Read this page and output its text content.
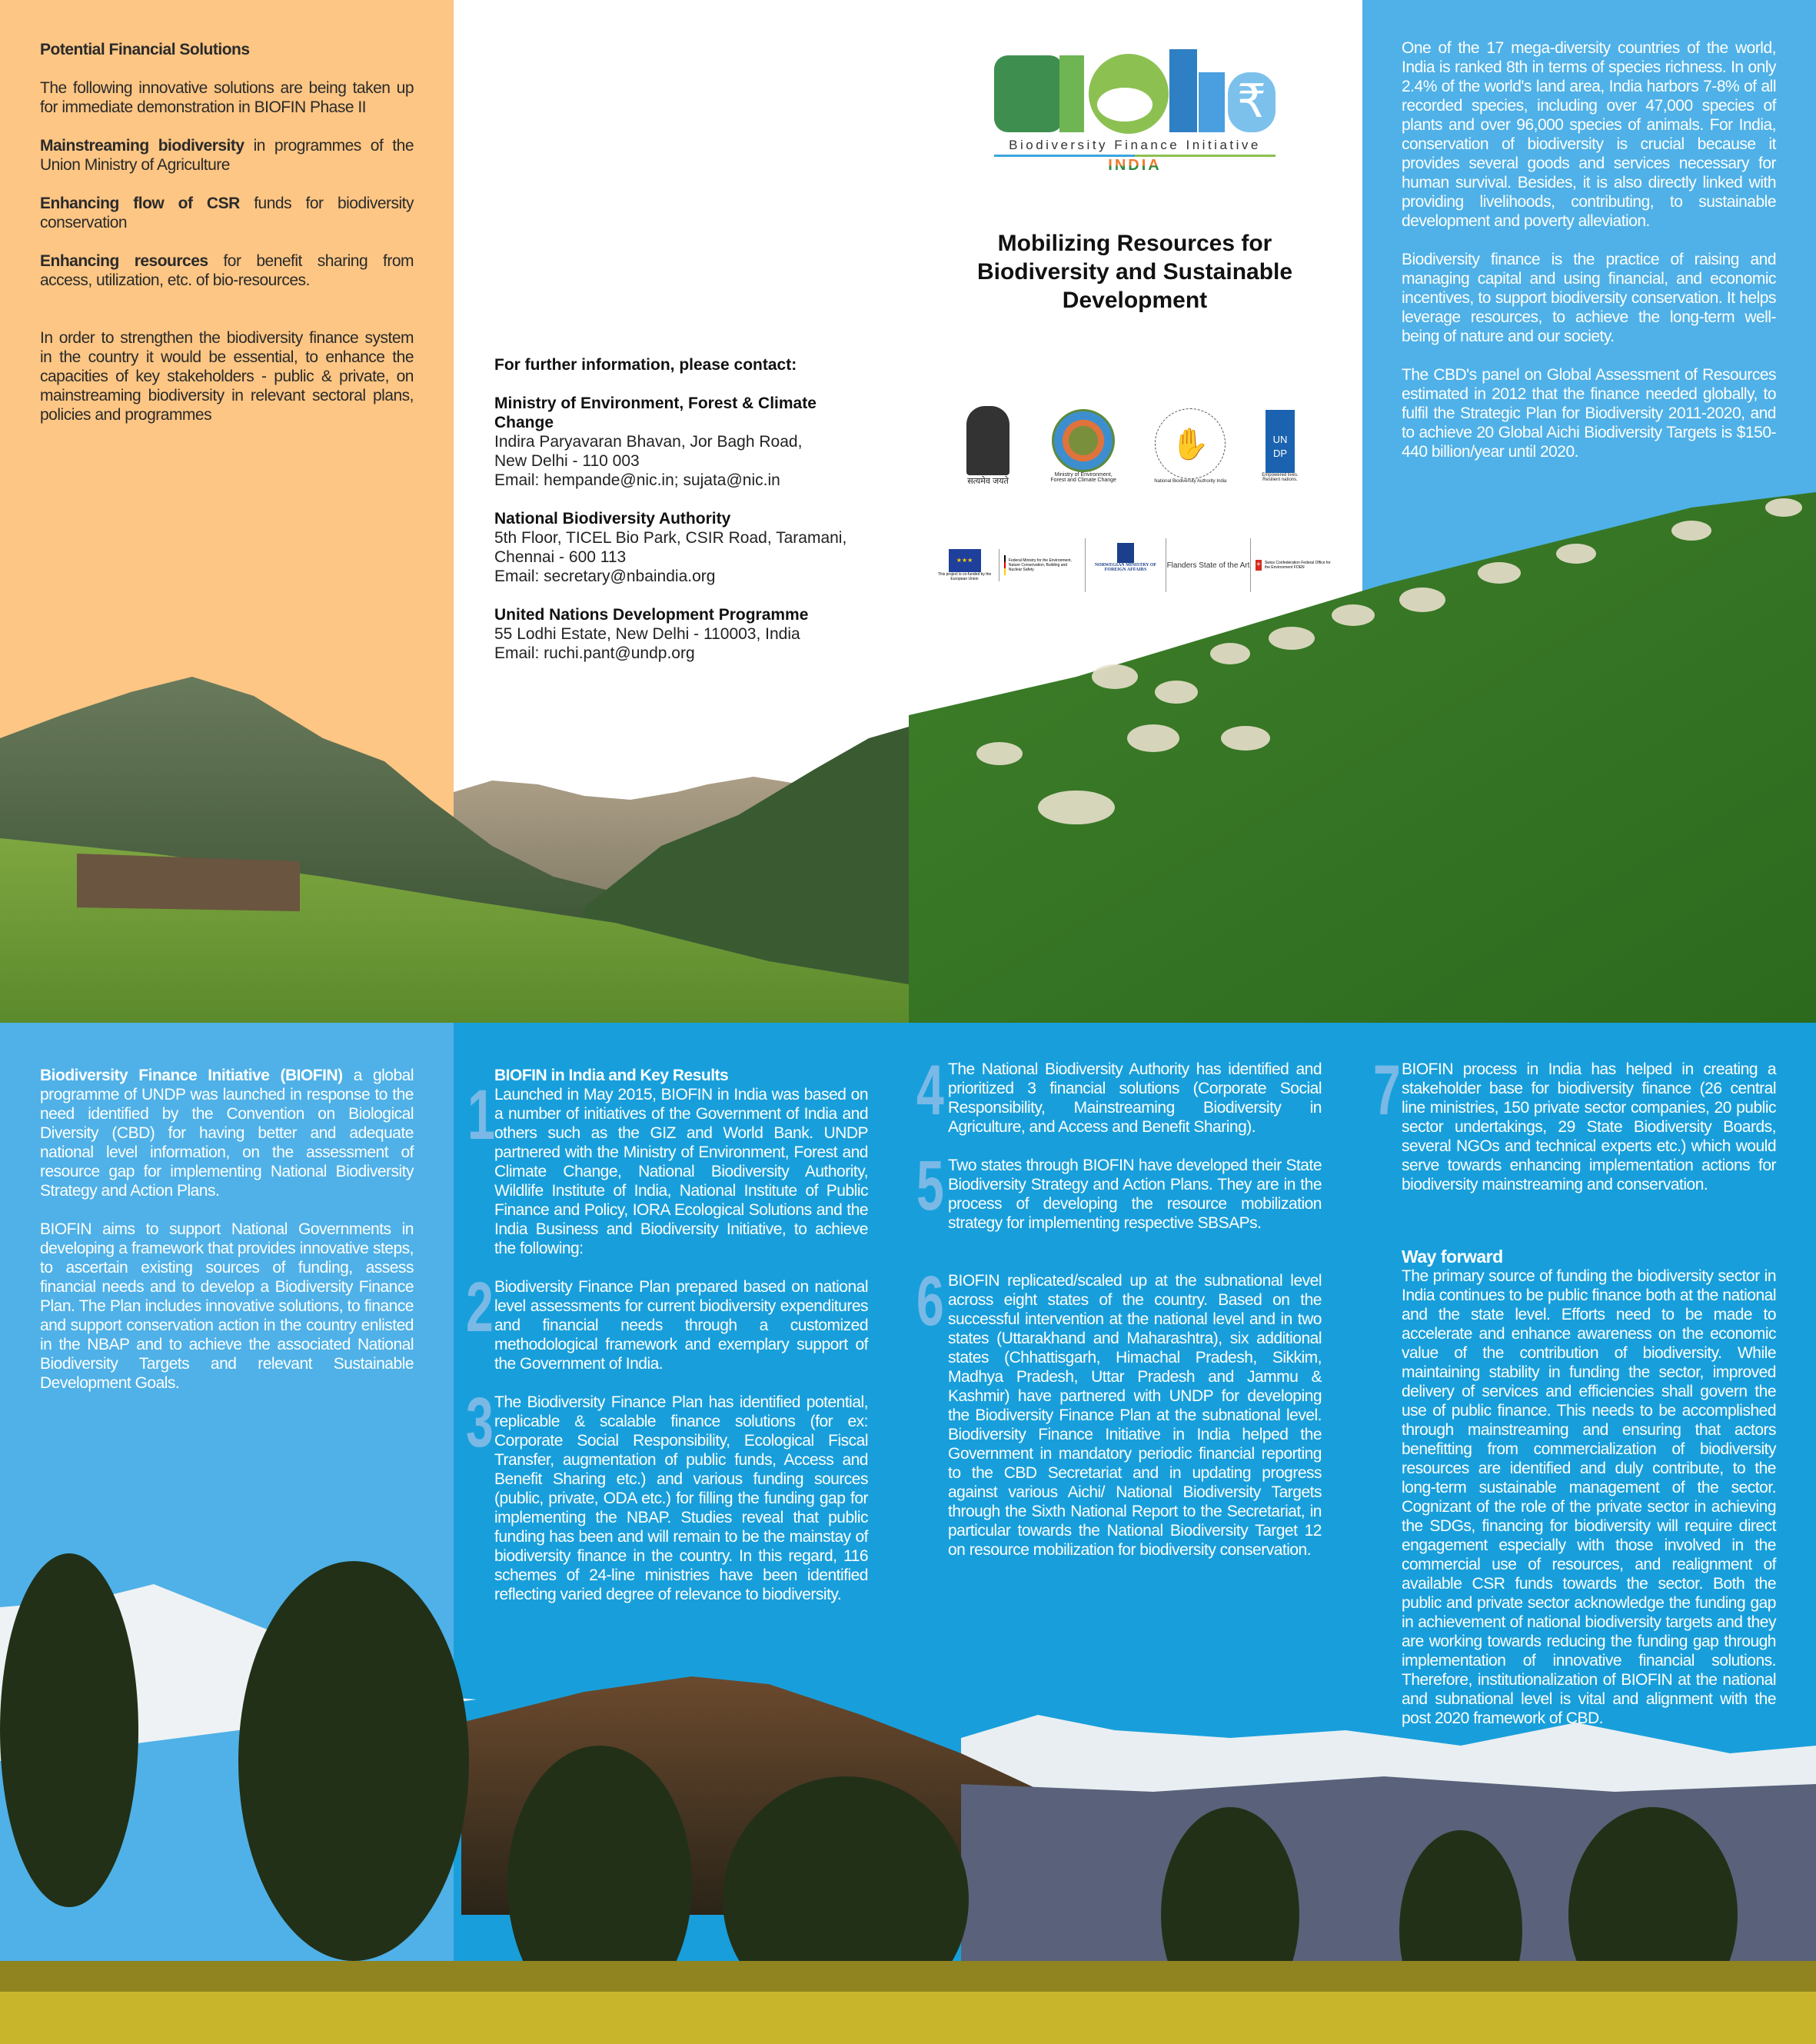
Potential Financial Solutions

The following innovative solutions are being taken up for immediate demonstration in BIOFIN Phase II

Mainstreaming biodiversity in programmes of the Union Ministry of Agriculture

Enhancing flow of CSR funds for biodiversity conservation

Enhancing resources for benefit sharing from access, utilization, etc. of bio-resources.

In order to strengthen the biodiversity finance system in the country it would be essential, to enhance the capacities of key stakeholders - public & private, on mainstreaming biodiversity in relevant sectoral plans, policies and programmes

For further information, please contact:
Ministry of Environment, Forest & Climate Change
Indira Paryavaran Bhavan, Jor Bagh Road,
New Delhi - 110 003
Email: hempande@nic.in; sujata@nic.in
National Biodiversity Authority
5th Floor, TICEL Bio Park, CSIR Road, Taramani,
Chennai - 600 113
Email: secretary@nbaindia.org
United Nations Development Programme
55 Lodhi Estate, New Delhi - 110003, India
Email: ruchi.pant@undp.org
₹
Biodiversity Finance Initiative
INDIA
Mobilizing Resources for Biodiversity and Sustainable Development
सत्यमेव जयते
Ministry of Environment, Forest and Climate Change
✋
National Biodiversity Authority India
UN
DP
Empowered lives. Resilient nations.
★★★
This project is co-funded by the European Union
Federal Ministry for the Environment, Nature Conservation, Building and Nuclear Safety
NORWEGIAN MINISTRY OF FOREIGN AFFAIRS
Flanders State of the Art + Swiss Confederation Federal Office for the Environment FOEN

One of the 17 mega-diversity countries of the world, India is ranked 8th in terms of species richness. In only 2.4% of the world's land area, India harbors 7-8% of all recorded species, including over 47,000 species of plants and over 96,000 species of animals. For India, conservation of biodiversity is crucial because it provides several goods and services necessary for human survival. Besides, it is also directly linked with providing livelihoods, contributing, to sustainable development and poverty alleviation.

Biodiversity finance is the practice of raising and managing capital and using financial, and economic incentives, to support biodiversity conservation. It helps leverage resources, to achieve the long-term well-being of nature and our society.

The CBD's panel on Global Assessment of Resources estimated in 2012 that the finance needed globally, to fulfil the Strategic Plan for Biodiversity 2011-2020, and to achieve 20 Global Aichi Biodiversity Targets is $150-440 billion/year until 2020.

Biodiversity Finance Initiative (BIOFIN) a global programme of UNDP was launched in response to the need identified by the Convention on Biological Diversity (CBD) for having better and adequate national level information, on the assessment of resource gap for implementing National Biodiversity Strategy and Action Plans.

BIOFIN aims to support National Governments in developing a framework that provides innovative steps, to ascertain existing sources of funding, assess financial needs and to develop a Biodiversity Finance Plan. The Plan includes innovative solutions, to finance and support conservation action in the country enlisted in the NBAP and to achieve the associated National Biodiversity Targets and relevant Sustainable Development Goals.

BIOFIN in India and Key Results
1 Launched in May 2015, BIOFIN in India was based on a number of initiatives of the Government of India and others such as the GIZ and World Bank. UNDP partnered with the Ministry of Environment, Forest and Climate Change, National Biodiversity Authority, Wildlife Institute of India, National Institute of Public Finance and Policy, IORA Ecological Solutions and the India Business and Biodiversity Initiative, to achieve the following:
2 Biodiversity Finance Plan prepared based on national level assessments for current biodiversity expenditures and financial needs through a customized methodological framework and exemplary support of the Government of India.
3 The Biodiversity Finance Plan has identified potential, replicable & scalable finance solutions (for ex: Corporate Social Responsibility, Ecological Fiscal Transfer, augmentation of public funds, Access and Benefit Sharing etc.) and various funding sources (public, private, ODA etc.) for filling the funding gap for implementing the NBAP. Studies reveal that public funding has been and will remain to be the mainstay of biodiversity finance in the country. In this regard, 116 schemes of 24-line ministries have been identified reflecting varied degree of relevance to biodiversity.
4 The National Biodiversity Authority has identified and prioritized 3 financial solutions (Corporate Social Responsibility, Mainstreaming Biodiversity in Agriculture, and Access and Benefit Sharing).
5 Two states through BIOFIN have developed their State Biodiversity Strategy and Action Plans. They are in the process of developing the resource mobilization strategy for implementing respective SBSAPs.
6 BIOFIN replicated/scaled up at the subnational level across eight states of the country. Based on the successful intervention at the national level and in two states (Uttarakhand and Maharashtra), six additional states (Chhattisgarh, Himachal Pradesh, Sikkim, Madhya Pradesh, Uttar Pradesh and Jammu & Kashmir) have partnered with UNDP for developing the Biodiversity Finance Plan at the subnational level. Biodiversity Finance Initiative in India helped the Government in mandatory periodic financial reporting to the CBD Secretariat and in updating progress against various Aichi/ National Biodiversity Targets through the Sixth National Report to the Secretariat, in particular towards the National Biodiversity Target 12 on resource mobilization for biodiversity conservation.
7 BIOFIN process in India has helped in creating a stakeholder base for biodiversity finance (26 central line ministries, 150 private sector companies, 20 public sector undertakings, 29 State Biodiversity Boards, several NGOs and technical experts etc.) which would serve towards enhancing implementation actions for biodiversity mainstreaming and conservation.
Way forward

The primary source of funding the biodiversity sector in India continues to be public finance both at the national and the state level. Efforts need to be made to accelerate and enhance awareness on the economic value of the contribution of biodiversity. While maintaining stability in funding the sector, improved delivery of services and efficiencies shall govern the use of public finance. This needs to be accomplished through mainstreaming and ensuring that actors benefitting from commercialization of biodiversity resources are identified and duly contribute, to the long-term sustainable management of the sector. Cognizant of the role of the private sector in achieving the SDGs, financing for biodiversity will require direct engagement especially with those involved in the commercial use of resources, and realignment of available CSR funds towards the sector. Both the public and private sector acknowledge the funding gap in achievement of national biodiversity targets and they are working towards reducing the funding gap through implementation of innovative financial solutions. Therefore, institutionalization of BIOFIN at the national and subnational level is vital and alignment with the post 2020 framework of CBD.
